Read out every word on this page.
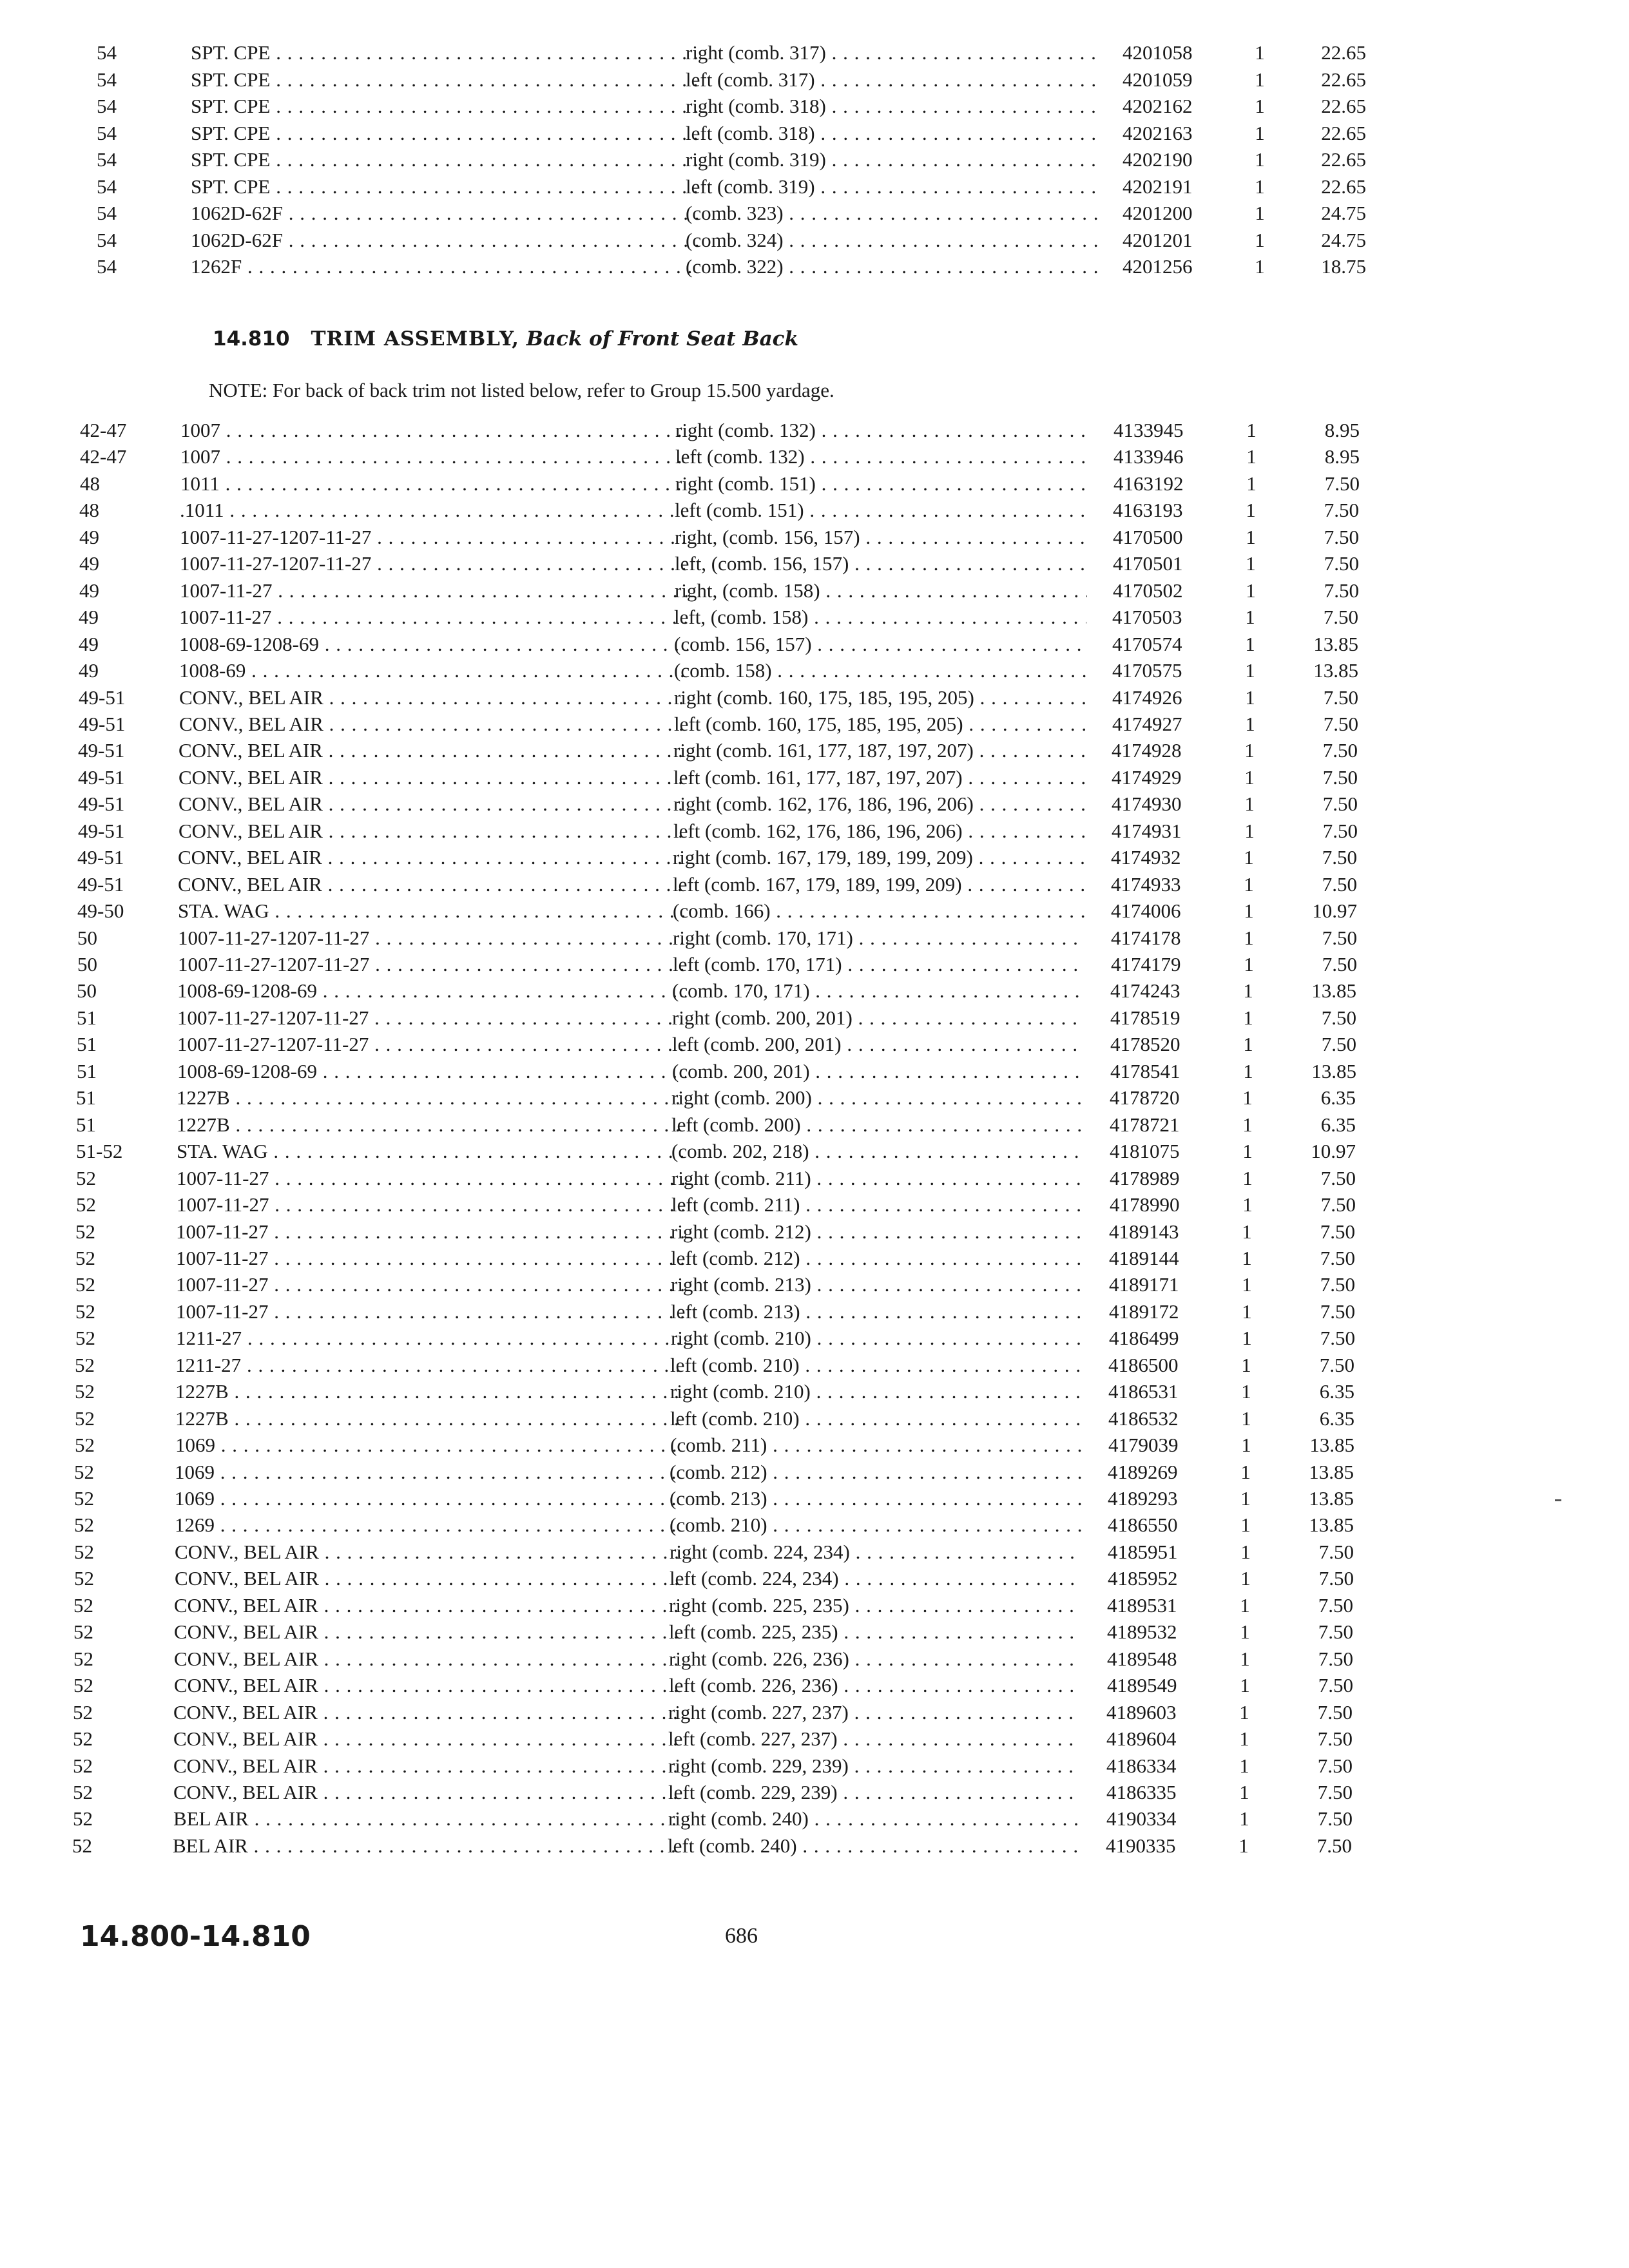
54	SPT. CPE . . .	right (comb. 317) . . .	4201058	1	22.65
54	SPT. CPE . . .	left (comb. 317) . . .	4201059	1	22.65
54	SPT. CPE . . .	right (comb. 318) . . .	4202162	1	22.65
54	SPT. CPE . . .	left (comb. 318) . . .	4202163	1	22.65
54	SPT. CPE . . .	right (comb. 319) . . .	4202190	1	22.65
54	SPT. CPE . . .	left (comb. 319) . . .	4202191	1	22.65
54	1062D-62F . . .	(comb. 323) . . .	4201200	1	24.75
54	1062D-62F . . .	(comb. 324) . . .	4201201	1	24.75
54	1262F . . .	(comb. 322) . . .	4201256	1	18.75
14.810 TRIM ASSEMBLY, Back of Front Seat Back
NOTE: For back of back trim not listed below, refer to Group 15.500 yardage.
42-47	1007 . . .	right (comb. 132) . . .	4133945	1	8.95
42-47	1007 . . .	left (comb. 132) . . .	4133946	1	8.95
48	1011 . . .	right (comb. 151) . . .	4163192	1	7.50
48	.1011 . . .	left (comb. 151) . . .	4163193	1	7.50
49	1007-11-27-1207-11-27 . . .	right, (comb. 156, 157) . . .	4170500	1	7.50
49	1007-11-27-1207-11-27 . . .	left, (comb. 156, 157) . . .	4170501	1	7.50
49	1007-11-27 . . .	right, (comb. 158) . . .	4170502	1	7.50
49	1007-11-27 . . .	left, (comb. 158) . . .	4170503	1	7.50
49	1008-69-1208-69 . . .	(comb. 156, 157) . . .	4170574	1	13.85
49	1008-69 . . .	(comb. 158) . . .	4170575	1	13.85
49-51	CONV., BEL AIR . . .	right (comb. 160, 175, 185, 195, 205) . . .	4174926	1	7.50
49-51	CONV., BEL AIR . . .	left (comb. 160, 175, 185, 195, 205) . . .	4174927	1	7.50
49-51	CONV., BEL AIR . . .	right (comb. 161, 177, 187, 197, 207) . . .	4174928	1	7.50
49-51	CONV., BEL AIR . . .	left (comb. 161, 177, 187, 197, 207) . . .	4174929	1	7.50
49-51	CONV., BEL AIR . . .	right (comb. 162, 176, 186, 196, 206) . . .	4174930	1	7.50
49-51	CONV., BEL AIR . . .	left (comb. 162, 176, 186, 196, 206) . . .	4174931	1	7.50
49-51	CONV., BEL AIR . . .	right (comb. 167, 179, 189, 199, 209) . . .	4174932	1	7.50
49-51	CONV., BEL AIR . . .	left (comb. 167, 179, 189, 199, 209) . . .	4174933	1	7.50
49-50	STA. WAG . . .	(comb. 166) . . .	4174006	1	10.97
50	1007-11-27-1207-11-27 . . .	right (comb. 170, 171) . . .	4174178	1	7.50
50	1007-11-27-1207-11-27 . . .	left (comb. 170, 171) . . .	4174179	1	7.50
50	1008-69-1208-69 . . .	(comb. 170, 171) . . .	4174243	1	13.85
51	1007-11-27-1207-11-27 . . .	right (comb. 200, 201) . . .	4178519	1	7.50
51	1007-11-27-1207-11-27 . . .	left (comb. 200, 201) . . .	4178520	1	7.50
51	1008-69-1208-69 . . .	(comb. 200, 201) . . .	4178541	1	13.85
51	1227B . . .	right (comb. 200) . . .	4178720	1	6.35
51	1227B . . .	left (comb. 200) . . .	4178721	1	6.35
51-52	STA. WAG . . .	(comb. 202, 218) . . .	4181075	1	10.97
52	1007-11-27 . . .	right (comb. 211) . . .	4178989	1	7.50
52	1007-11-27 . . .	left (comb. 211) . . .	4178990	1	7.50
52	1007-11-27 . . .	right (comb. 212) . . .	4189143	1	7.50
52	1007-11-27 . . .	left (comb. 212) . . .	4189144	1	7.50
52	1007-11-27 . . .	right (comb. 213) . . .	4189171	1	7.50
52	1007-11-27 . . .	left (comb. 213) . . .	4189172	1	7.50
52	1211-27 . . .	right (comb. 210) . . .	4186499	1	7.50
52	1211-27 . . .	left (comb. 210) . . .	4186500	1	7.50
52	1227B . . .	right (comb. 210) . . .	4186531	1	6.35
52	1227B . . .	left (comb. 210) . . .	4186532	1	6.35
52	1069 . . .	(comb. 211) . . .	4179039	1	13.85
52	1069 . . .	(comb. 212) . . .	4189269	1	13.85
52	1069 . . .	(comb. 213) . . .	4189293	1	13.85
52	1269 . . .	(comb. 210) . . .	4186550	1	13.85
52	CONV., BEL AIR . . .	right (comb. 224, 234) . . .	4185951	1	7.50
52	CONV., BEL AIR . . .	left (comb. 224, 234) . . .	4185952	1	7.50
52	CONV., BEL AIR . . .	right (comb. 225, 235) . . .	4189531	1	7.50
52	CONV., BEL AIR . . .	left (comb. 225, 235) . . .	4189532	1	7.50
52	CONV., BEL AIR . . .	right (comb. 226, 236) . . .	4189548	1	7.50
52	CONV., BEL AIR . . .	left (comb. 226, 236) . . .	4189549	1	7.50
52	CONV., BEL AIR . . .	right (comb. 227, 237) . . .	4189603	1	7.50
52	CONV., BEL AIR . . .	left (comb. 227, 237) . . .	4189604	1	7.50
52	CONV., BEL AIR . . .	right (comb. 229, 239) . . .	4186334	1	7.50
52	CONV., BEL AIR . . .	left (comb. 229, 239) . . .	4186335	1	7.50
52	BEL AIR . . .	right (comb. 240) . . .	4190334	1	7.50
52	BEL AIR . . .	left (comb. 240) . . .	4190335	1	7.50
14.800-14.810	686
